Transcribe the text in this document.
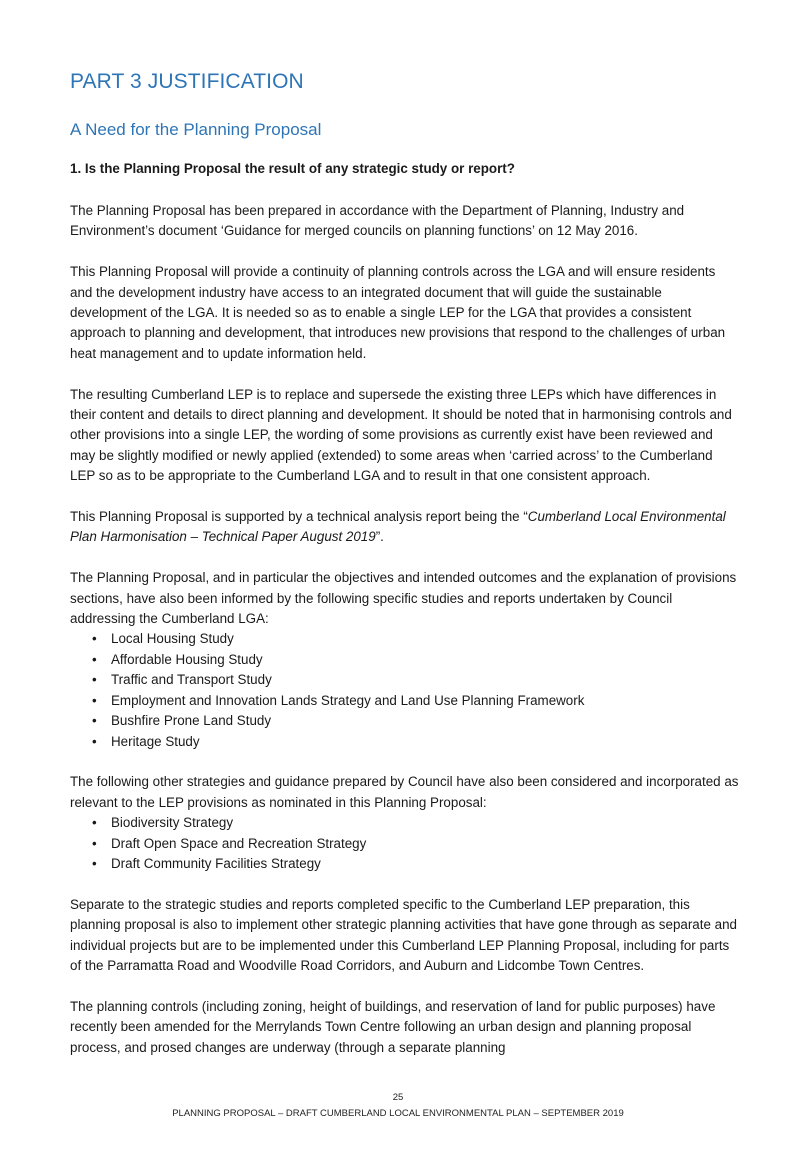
PART 3 JUSTIFICATION
A Need for the Planning Proposal
1. Is the Planning Proposal the result of any strategic study or report?

The Planning Proposal has been prepared in accordance with the Department of Planning, Industry and Environment’s document ‘Guidance for merged councils on planning functions’ on 12 May 2016.

This Planning Proposal will provide a continuity of planning controls across the LGA and will ensure residents and the development industry have access to an integrated document that will guide the sustainable development of the LGA. It is needed so as to enable a single LEP for the LGA that provides a consistent approach to planning and development, that introduces new provisions that respond to the challenges of urban heat management and to update information held.

The resulting Cumberland LEP is to replace and supersede the existing three LEPs which have differences in their content and details to direct planning and development. It should be noted that in harmonising controls and other provisions into a single LEP, the wording of some provisions as currently exist have been reviewed and may be slightly modified or newly applied (extended) to some areas when ‘carried across’ to the Cumberland LEP so as to be appropriate to the Cumberland LGA and to result in that one consistent approach.

This Planning Proposal is supported by a technical analysis report being the “Cumberland Local Environmental Plan Harmonisation – Technical Paper August 2019”.

The Planning Proposal, and in particular the objectives and intended outcomes and the explanation of provisions sections, have also been informed by the following specific studies and reports undertaken by Council addressing the Cumberland LGA:

• Local Housing Study
• Affordable Housing Study
• Traffic and Transport Study
• Employment and Innovation Lands Strategy and Land Use Planning Framework
• Bushfire Prone Land Study
• Heritage Study

The following other strategies and guidance prepared by Council have also been considered and incorporated as relevant to the LEP provisions as nominated in this Planning Proposal:

• Biodiversity Strategy
• Draft Open Space and Recreation Strategy
• Draft Community Facilities Strategy

Separate to the strategic studies and reports completed specific to the Cumberland LEP preparation, this planning proposal is also to implement other strategic planning activities that have gone through as separate and individual projects but are to be implemented under this Cumberland LEP Planning Proposal, including for parts of the Parramatta Road and Woodville Road Corridors, and Auburn and Lidcombe Town Centres.

The planning controls (including zoning, height of buildings, and reservation of land for public purposes) have recently been amended for the Merrylands Town Centre following an urban design and planning proposal process, and prosed changes are underway (through a separate planning

25
PLANNING PROPOSAL – DRAFT CUMBERLAND LOCAL ENVIRONMENTAL PLAN – SEPTEMBER 2019
